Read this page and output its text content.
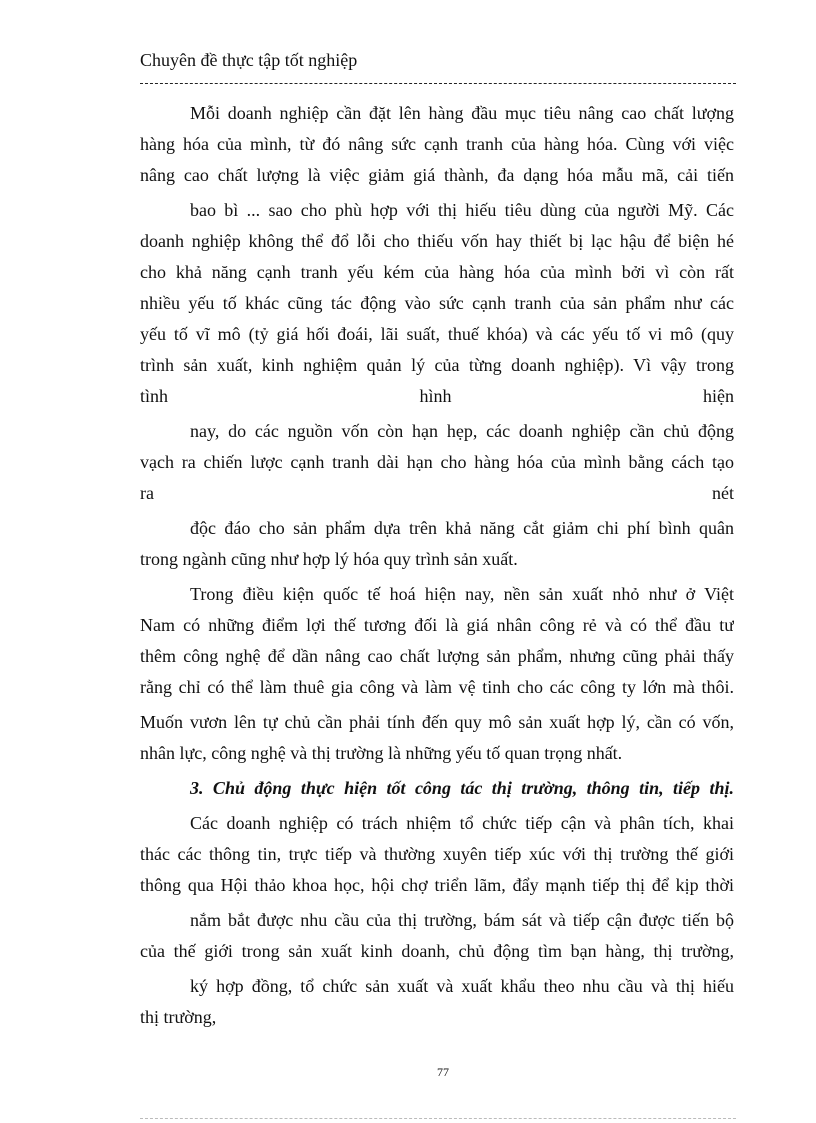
Chuyên đề thực tập tốt nghiệp
Mỗi doanh nghiệp cần đặt lên hàng đầu mục tiêu nâng cao chất lượng
hàng hóa của mình, từ đó nâng sức cạnh tranh của hàng hóa. Cùng với việc
nâng cao chất lượng là việc giảm giá thành, đa dạng hóa mẫu mã, cải tiến
bao bì ... sao cho phù hợp với thị hiếu tiêu dùng của người Mỹ. Các
doanh nghiệp không thể đổ lỗi cho thiếu vốn hay thiết bị lạc hậu để biện hé
cho khả năng cạnh tranh yếu kém của hàng hóa của mình bởi vì còn rất
nhiều yếu tố khác cũng tác động vào sức cạnh tranh của sản phẩm như các
yếu tố vĩ mô (tỷ giá hối đoái, lãi suất, thuế khóa) và các yếu tố vi mô (quy
trình sản xuất, kinh nghiệm quản lý của từng doanh nghiệp). Vì vậy trong
tình hình hiện
nay, do các nguồn vốn còn hạn hẹp, các doanh nghiệp cần chủ động
vạch ra chiến lược cạnh tranh dài hạn cho hàng hóa của mình bằng cách tạo
ra nét
độc đáo cho sản phẩm dựa trên khả năng cắt giảm chi phí bình quân
trong ngành cũng như hợp lý hóa quy trình sản xuất.
Trong điều kiện quốc tế hoá hiện nay, nền sản xuất nhỏ như ở Việt
Nam có những điểm lợi thế tương đối là giá nhân công rẻ và có thể đầu tư
thêm công nghệ để dần nâng cao chất lượng sản phẩm, nhưng cũng phải thấy
rằng chỉ có thể làm thuê gia công và làm vệ tinh cho các công ty lớn mà thôi.
Muốn vươn lên tự chủ cần phải tính đến quy mô sản xuất hợp lý, cần có vốn,
nhân lực, công nghệ và thị trường là những yếu tố quan trọng nhất.
3. Chủ động thực hiện tốt công tác thị trường, thông tin, tiếp thị.
Các doanh nghiệp có trách nhiệm tổ chức tiếp cận và phân tích, khai
thác các thông tin, trực tiếp và thường xuyên tiếp xúc với thị trường thế giới
thông qua Hội thảo khoa học, hội chợ triển lãm, đẩy mạnh tiếp thị để kịp thời
nắm bắt được nhu cầu của thị trường, bám sát và tiếp cận được tiến bộ
của thế giới trong sản xuất kinh doanh, chủ động tìm bạn hàng, thị trường,
ký hợp đồng, tổ chức sản xuất và xuất khẩu theo nhu cầu và thị hiếu
thị trường,
77
